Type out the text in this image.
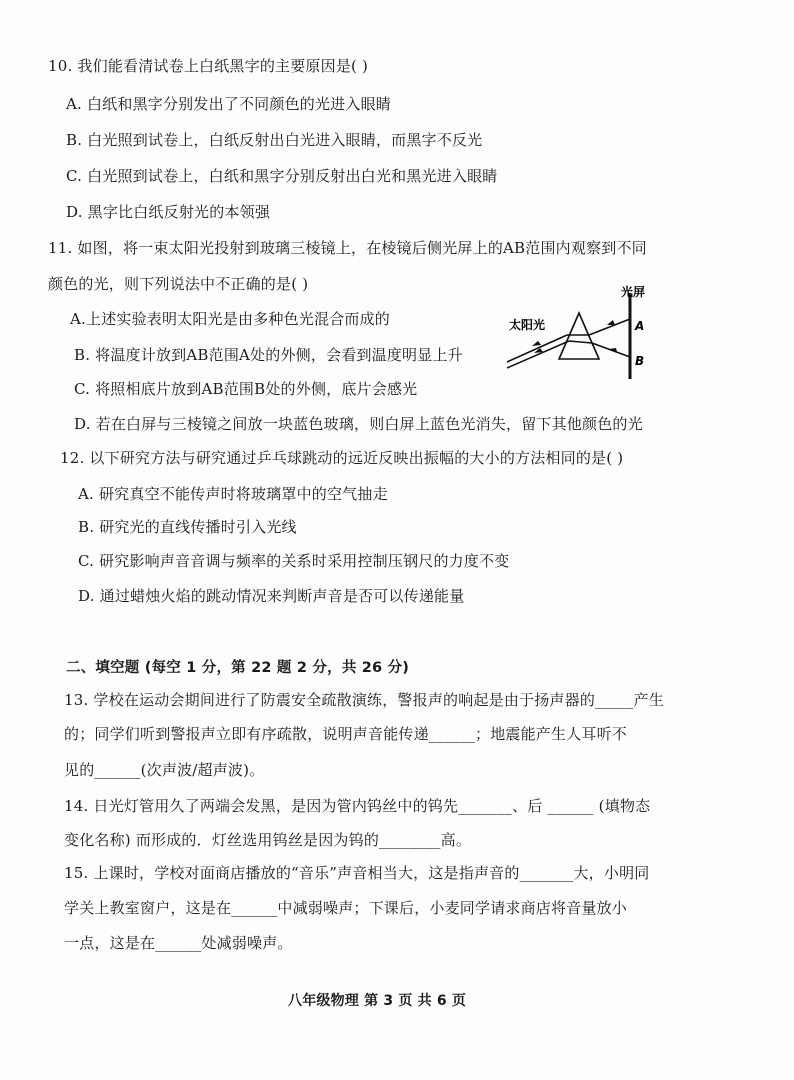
10. 我们能看清试卷上白纸黑字的主要原因是( )
A. 白纸和黑字分别发出了不同颜色的光进入眼睛
B. 白光照到试卷上，白纸反射出白光进入眼睛，而黑字不反光
C. 白光照到试卷上，白纸和黑字分别反射出白光和黑光进入眼睛
D. 黑字比白纸反射光的本领强
11. 如图，将一束太阳光投射到玻璃三棱镜上，在棱镜后侧光屏上的AB范围内观察到不同
颜色的光，则下列说法中不正确的是( )
A.上述实验表明太阳光是由多种色光混合而成的
B. 将温度计放到AB范围A处的外侧，会看到温度明显上升
C. 将照相底片放到AB范围B处的外侧，底片会感光
D. 若在白屏与三棱镜之间放一块蓝色玻璃，则白屏上蓝色光消失，留下其他颜色的光
光屏
太阳光	A
B
12. 以下研究方法与研究通过乒乓球跳动的远近反映出振幅的大小的方法相同的是( )
A. 研究真空不能传声时将玻璃罩中的空气抽走
B. 研究光的直线传播时引入光线
C. 研究影响声音音调与频率的关系时采用控制压钢尺的力度不变
D. 通过蜡烛火焰的跳动情况来判断声音是否可以传递能量
二、填空题 (每空 1 分，第 22 题 2 分，共 26 分)
13. 学校在运动会期间进行了防震安全疏散演练，警报声的响起是由于扬声器的_____产生
的；同学们听到警报声立即有序疏散，说明声音能传递______；地震能产生人耳听不
见的______(次声波/超声波)。
14. 日光灯管用久了两端会发黑，是因为管内钨丝中的钨先_______、后 ______ (填物态
变化名称) 而形成的．灯丝选用钨丝是因为钨的________高。
15. 上课时，学校对面商店播放的“音乐”声音相当大，这是指声音的_______大，小明同
学关上教室窗户，这是在______中减弱噪声；下课后，小麦同学请求商店将音量放小
一点，这是在______处减弱噪声。
八年级物理 第 3 页 共 6 页
